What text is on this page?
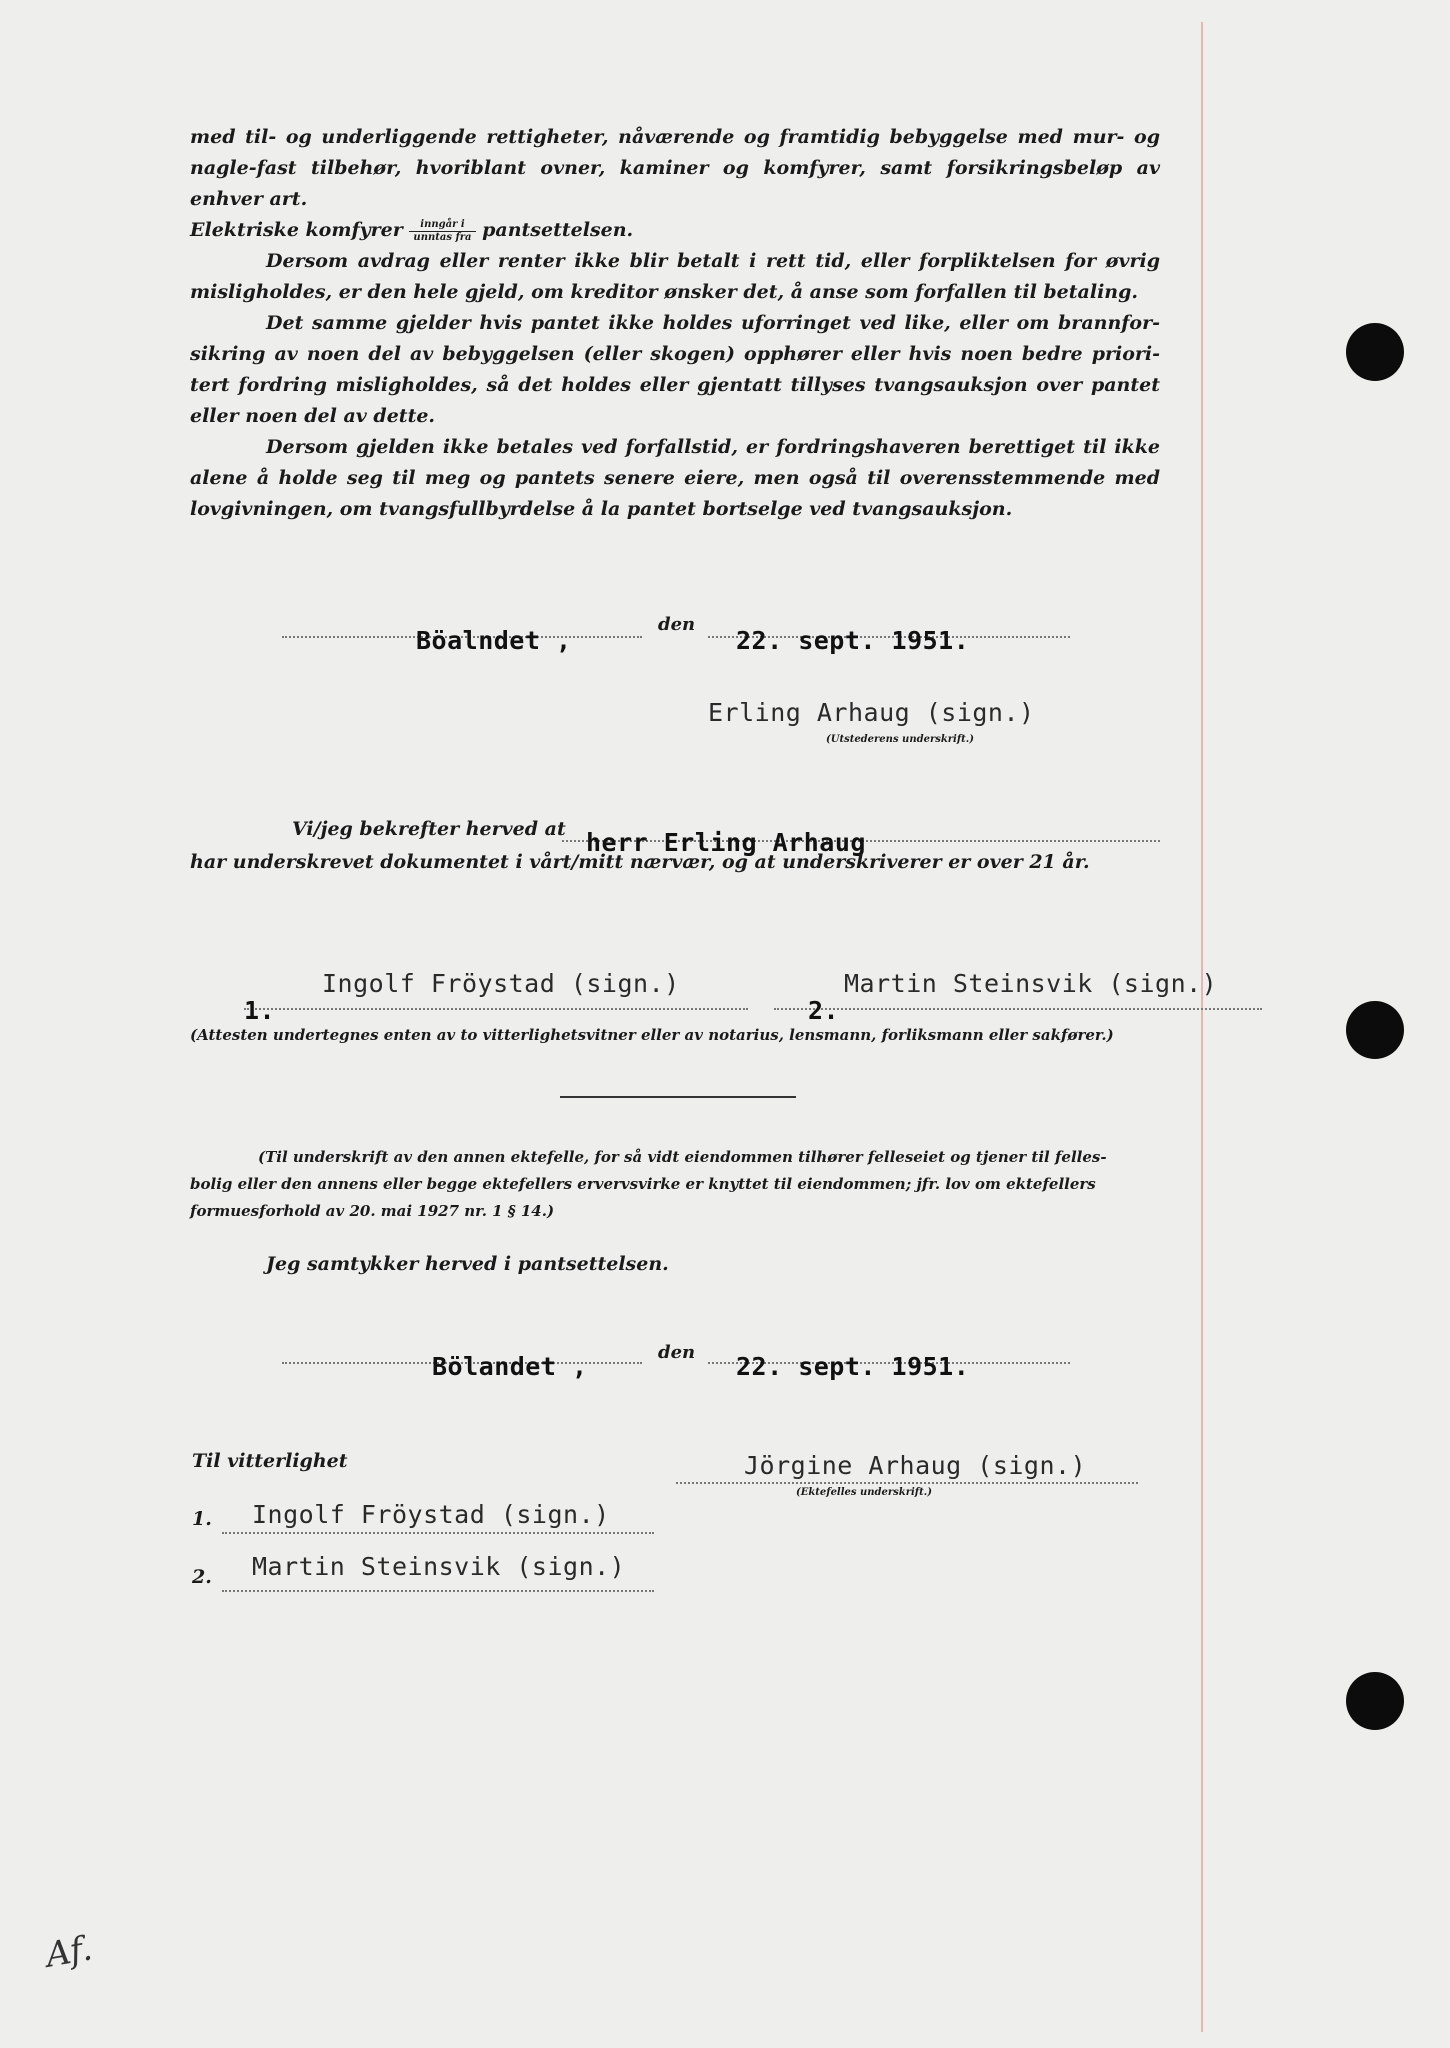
med til- og underliggende rettigheter, nåværende og framtidig bebyggelse med mur- og nagle-fast tilbehør, hvoriblant ovner, kaminer og komfyrer, samt forsikringsbeløp av enhver art.

Elektriske komfyrer $\frac{\text{inngår i}}{\text{unntas fra}}$ pantsettelsen.

Dersom avdrag eller renter ikke blir betalt i rett tid, eller forpliktelsen for øvrig misligholdes, er den hele gjeld, om kreditor ønsker det, å anse som forfallen til betaling.

Det samme gjelder hvis pantet ikke holdes uforringet ved like, eller om brannfor-sikring av noen del av bebyggelsen (eller skogen) opphører eller hvis noen bedre priori-tert fordring misligholdes, så det holdes eller gjentatt tillyses tvangsauksjon over pantet eller noen del av dette.

Dersom gjelden ikke betales ved forfallstid, er fordringshaveren berettiget til ikke alene å holde seg til meg og pantets senere eiere, men også til overensstemmende med lovgivningen, om tvangsfullbyrdelse å la pantet bortselge ved tvangsauksjon.

Böalndet ,
den
22. sept. 1951.
Erling Arhaug (sign.)
(Utstederens underskrift.)
Vi/jeg bekrefter herved at herr Erling Arhaug
har underskrevet dokumentet i vårt/mitt nærvær, og at underskriverer er over 21 år.
Ingolf Fröystad (sign.)
1.
Martin Steinsvik (sign.)
2.
(Attesten undertegnes enten av to vitterlighetsvitner eller av notarius, lensmann, forliksmann eller sakfører.)
(Til underskrift av den annen ektefelle, for så vidt eiendommen tilhører felleseiet og tjener til felles-
bolig eller den annens eller begge ektefellers ervervsvirke er knyttet til eiendommen; jfr. lov om ektefellers
formuesforhold av 20. mai 1927 nr. 1 § 14.)
Jeg samtykker herved i pantsettelsen.
Bölandet ,	den 22. sept. 1951.
Til vitterlighet	Jörgine Arhaug (sign.)
(Ektefelles underskrift.)
1. Ingolf Fröystad (sign.)
2. Martin Steinsvik (sign.)
Af.
